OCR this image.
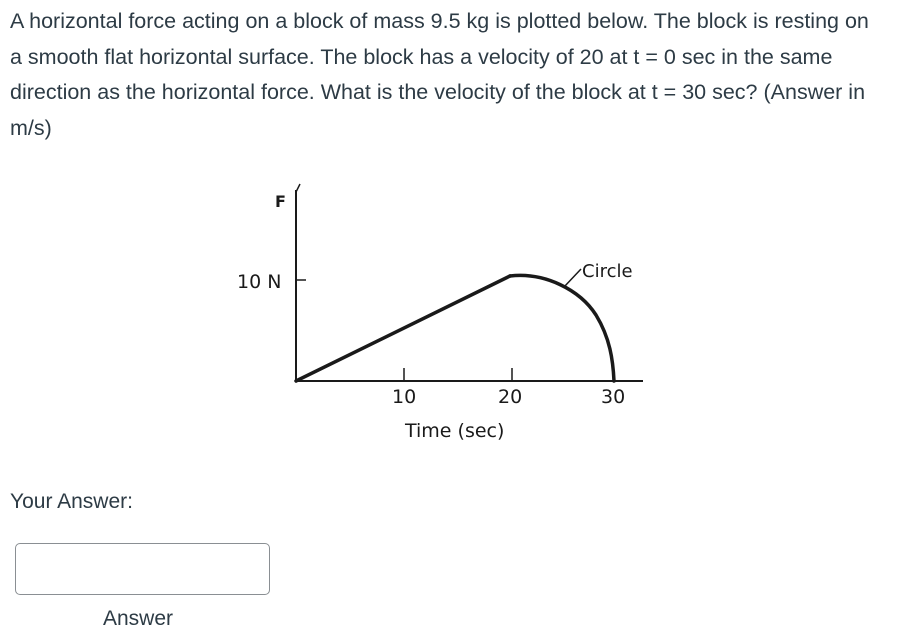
A horizontal force acting on a block of mass 9.5 kg is plotted below. The block is resting on a smooth flat horizontal surface. The block has a velocity of 20 at t = 0 sec in the same direction as the horizontal force. What is the velocity of the block at t = 30 sec? (Answer in m/s)

F
10 N
10	20	30
Time (sec)
Circle
Your Answer:
Answer
